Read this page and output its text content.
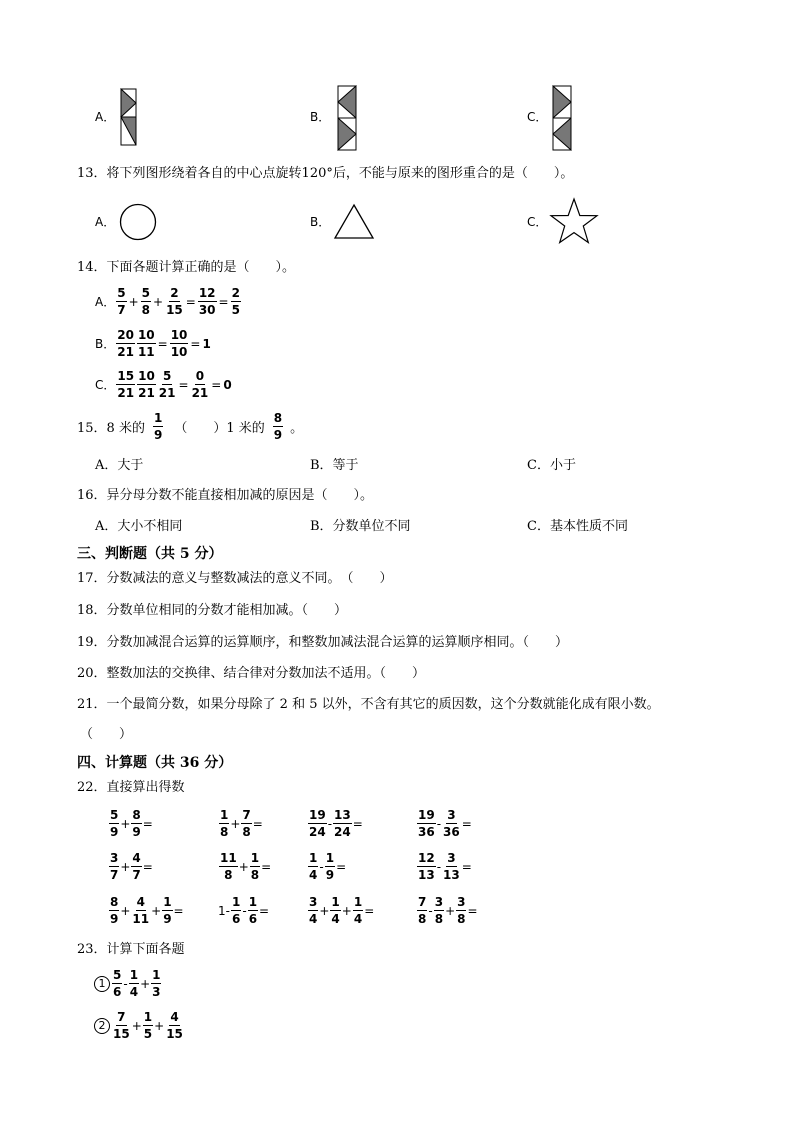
A．	B．	C．
13．将下列图形绕着各自的中心点旋转120°后，不能与原来的图形重合的是（　　）。
A．	B．	C．
14．下面各题计算正确的是（　　）。
A． $\frac{5}{7} + \frac{5}{8} + \frac{2}{15} = \frac{12}{30} = \frac{2}{5}$
B． $\frac{20}{21} \frac{10}{11} = \frac{10}{10} = 1$
C． $\frac{15}{21} \frac{10}{21} \frac{5}{21} = \frac{0}{21} = 0$
15．8 米的 $\frac{1}{9}$ （　　）1 米的 $\frac{8}{9}$ 。
A．大于	B．等于	C．小于
16．异分母分数不能直接相加减的原因是（　　）。
A．大小不相同	B．分数单位不同	C．基本性质不同
三、判断题（共 5 分）
17．分数减法的意义与整数减法的意义不同。　（　　）
18．分数单位相同的分数才能相加减。（　　）
19．分数加减混合运算的运算顺序，和整数加减法混合运算的运算顺序相同。（　　）
20．整数加法的交换律、结合律对分数加法不适用。（　　）
21．一个最简分数，如果分母除了 2 和 5 以外，不含有其它的质因数，这个分数就能化成有限小数。
（　　）
四、计算题（共 36 分）
22．直接算出得数
$\frac{5}{9} + \frac{8}{9}$ =	$\frac{1}{8} + \frac{7}{8}$ =	$\frac{19}{24} - \frac{13}{24}$ =	$\frac{19}{36} - \frac{3}{36}$ =
$\frac{3}{7} + \frac{4}{7}$ =	$\frac{11}{8} + \frac{1}{8}$ =	$\frac{1}{4} - \frac{1}{9}$ =	$\frac{12}{13} - \frac{3}{13}$ =
$\frac{8}{9} + \frac{4}{11} + \frac{1}{9}$ =	$1 - \frac{1}{6} - \frac{1}{6}$ =	$\frac{3}{4} + \frac{1}{4} + \frac{1}{4}$ =	$\frac{7}{8} - \frac{3}{8} + \frac{3}{8}$ =
23．计算下面各题
$1 \frac{5}{6} - \frac{1}{4} + \frac{1}{3}$
$2 \frac{7}{15} + \frac{1}{5} + \frac{4}{15}$
